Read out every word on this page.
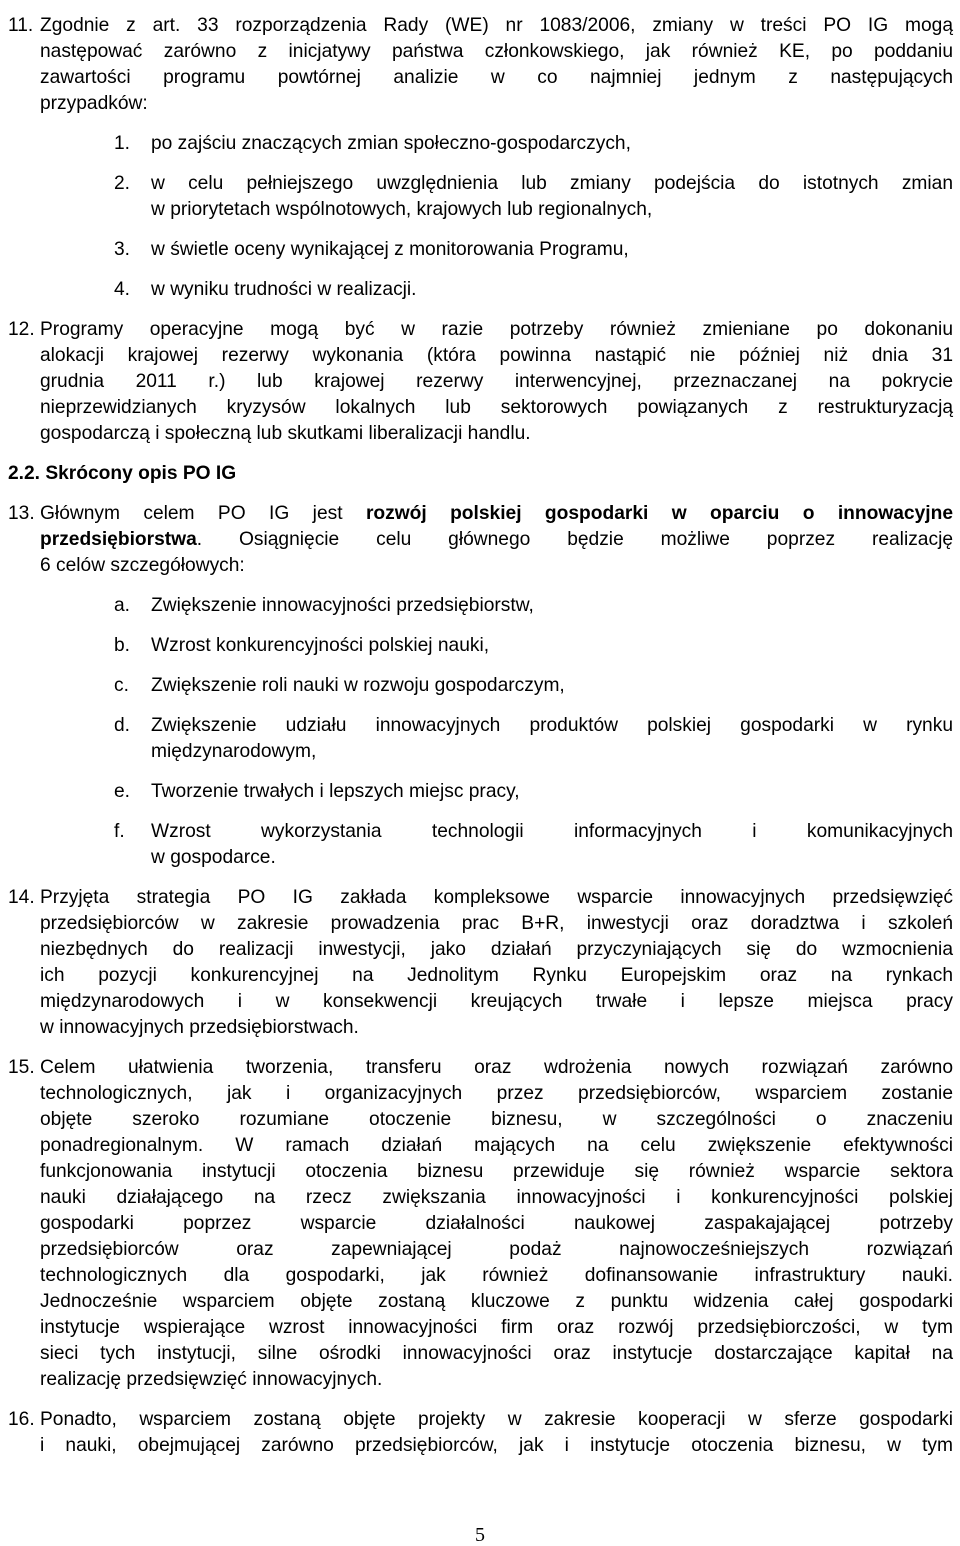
11. Zgodnie z art. 33 rozporządzenia Rady (WE) nr 1083/2006, zmiany w treści PO IG mogą
następować zarówno z inicjatywy państwa członkowskiego, jak również KE, po poddaniu
zawartości programu powtórnej analizie w co najmniej jednym z następujących
przypadków:
1. po zajściu znaczących zmian społeczno-gospodarczych,
2. w celu pełniejszego uwzględnienia lub zmiany podejścia do istotnych zmian
w priorytetach wspólnotowych, krajowych lub regionalnych,
3. w świetle oceny wynikającej z monitorowania Programu,
4. w wyniku trudności w realizacji.
12. Programy operacyjne mogą być w razie potrzeby również zmieniane po dokonaniu
alokacji krajowej rezerwy wykonania (która powinna nastąpić nie później niż dnia 31
grudnia 2011 r.) lub krajowej rezerwy interwencyjnej, przeznaczanej na pokrycie
nieprzewidzianych kryzysów lokalnych lub sektorowych powiązanych z restrukturyzacją
gospodarczą i społeczną lub skutkami liberalizacji handlu.
2.2. Skrócony opis PO IG
13. Głównym celem PO IG jest rozwój polskiej gospodarki w oparciu o innowacyjne
przedsiębiorstwa. Osiągnięcie celu głównego będzie możliwe poprzez realizację
6 celów szczegółowych:
a. Zwiększenie innowacyjności przedsiębiorstw,
b. Wzrost konkurencyjności polskiej nauki,
c. Zwiększenie roli nauki w rozwoju gospodarczym,
d. Zwiększenie udziału innowacyjnych produktów polskiej gospodarki w rynku
międzynarodowym,
e. Tworzenie trwałych i lepszych miejsc pracy,
f. Wzrost wykorzystania technologii informacyjnych i komunikacyjnych
w gospodarce.
14. Przyjęta strategia PO IG zakłada kompleksowe wsparcie innowacyjnych przedsięwzięć
przedsiębiorców w zakresie prowadzenia prac B+R, inwestycji oraz doradztwa i szkoleń
niezbędnych do realizacji inwestycji, jako działań przyczyniających się do wzmocnienia
ich pozycji konkurencyjnej na Jednolitym Rynku Europejskim oraz na rynkach
międzynarodowych i w konsekwencji kreujących trwałe i lepsze miejsca pracy
w innowacyjnych przedsiębiorstwach.
15. Celem ułatwienia tworzenia, transferu oraz wdrożenia nowych rozwiązań zarówno
technologicznych, jak i organizacyjnych przez przedsiębiorców, wsparciem zostanie
objęte szeroko rozumiane otoczenie biznesu, w szczególności o znaczeniu
ponadregionalnym. W ramach działań mających na celu zwiększenie efektywności
funkcjonowania instytucji otoczenia biznesu przewiduje się również wsparcie sektora
nauki działającego na rzecz zwiększania innowacyjności i konkurencyjności polskiej
gospodarki poprzez wsparcie działalności naukowej zaspakajającej potrzeby
przedsiębiorców oraz zapewniającej podaż najnowocześniejszych rozwiązań
technologicznych dla gospodarki, jak również dofinansowanie infrastruktury nauki.
Jednocześnie wsparciem objęte zostaną kluczowe z punktu widzenia całej gospodarki
instytucje wspierające wzrost innowacyjności firm oraz rozwój przedsiębiorczości, w tym
sieci tych instytucji, silne ośrodki innowacyjności oraz instytucje dostarczające kapitał na
realizację przedsięwzięć innowacyjnych.
16. Ponadto, wsparciem zostaną objęte projekty w zakresie kooperacji w sferze gospodarki
i nauki, obejmującej zarówno przedsiębiorców, jak i instytucje otoczenia biznesu, w tym
5
